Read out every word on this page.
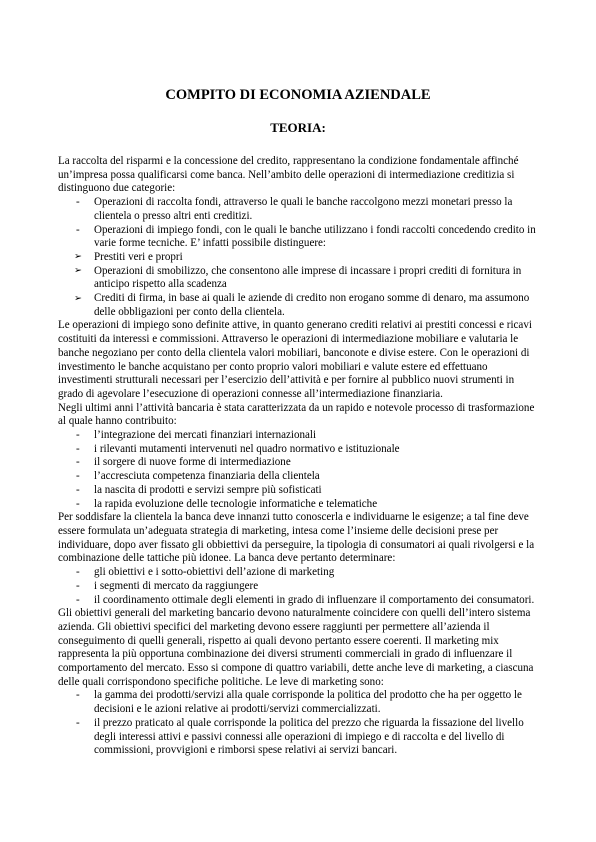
COMPITO DI ECONOMIA AZIENDALE
TEORIA:

La raccolta del risparmi e la concessione del credito, rappresentano la condizione fondamentale affinché un’impresa possa qualificarsi come banca. Nell’ambito delle operazioni di intermediazione creditizia si distinguono due categorie:

-	Operazioni di raccolta fondi, attraverso le quali le banche raccolgono mezzi monetari presso la clientela o presso altri enti creditizi.
-	Operazioni di impiego fondi, con le quali le banche utilizzano i fondi raccolti concedendo credito in varie forme tecniche. E’ infatti possibile distinguere:
➢	Prestiti veri e propri
➢	Operazioni di smobilizzo, che consentono alle imprese di incassare i propri crediti di fornitura in anticipo rispetto alla scadenza
➢	Crediti di firma, in base ai quali le aziende di credito non erogano somme di denaro, ma assumono delle obbligazioni per conto della clientela.

Le operazioni di impiego sono definite attive, in quanto generano crediti relativi ai prestiti concessi e ricavi costituiti da interessi e commissioni. Attraverso le operazioni di intermediazione mobiliare e valutaria le banche negoziano per conto della clientela valori mobiliari, banconote e divise estere. Con le operazioni di investimento le banche acquistano per conto proprio valori mobiliari e valute estere ed effettuano investimenti strutturali necessari per l’esercizio dell’attività e per fornire al pubblico nuovi strumenti in grado di agevolare l’esecuzione di operazioni connesse all’intermediazione finanziaria.

Negli ultimi anni l’attività bancaria è stata caratterizzata da un rapido e notevole processo di trasformazione al quale hanno contribuito:

-	l’integrazione dei mercati finanziari internazionali
-	i rilevanti mutamenti intervenuti nel quadro normativo e istituzionale
-	il sorgere di nuove forme di intermediazione
-	l’accresciuta competenza finanziaria della clientela
-	la nascita di prodotti e servizi sempre più sofisticati
-	la rapida evoluzione delle tecnologie informatiche e telematiche

Per soddisfare la clientela la banca deve innanzi tutto conoscerla e individuarne le esigenze; a tal fine deve essere formulata un’adeguata strategia di marketing, intesa come l’insieme delle decisioni prese per individuare, dopo aver fissato gli obbiettivi da perseguire, la tipologia di consumatori ai quali rivolgersi e la combinazione delle tattiche più idonee. La banca deve pertanto determinare:

-	gli obiettivi e i sotto-obiettivi dell’azione di marketing
-	i segmenti di mercato da raggiungere
-	il coordinamento ottimale degli elementi in grado di influenzare il comportamento dei consumatori.

Gli obiettivi generali del marketing bancario devono naturalmente coincidere con quelli dell’intero sistema azienda. Gli obiettivi specifici del marketing devono essere raggiunti per permettere all’azienda il conseguimento di quelli generali, rispetto ai quali devono pertanto essere coerenti. Il marketing mix rappresenta la più opportuna combinazione dei diversi strumenti commerciali in grado di influenzare il comportamento del mercato. Esso si compone di quattro variabili, dette anche leve di marketing, a ciascuna delle quali corrispondono specifiche politiche. Le leve di marketing sono:

-	la gamma dei prodotti/servizi alla quale corrisponde la politica del prodotto che ha per oggetto le decisioni e le azioni relative ai prodotti/servizi commercializzati.
-	il prezzo praticato al quale corrisponde la politica del prezzo che riguarda la fissazione del livello degli interessi attivi e passivi connessi alle operazioni di impiego e di raccolta e del livello di commissioni, provvigioni e rimborsi spese relativi ai servizi bancari.
